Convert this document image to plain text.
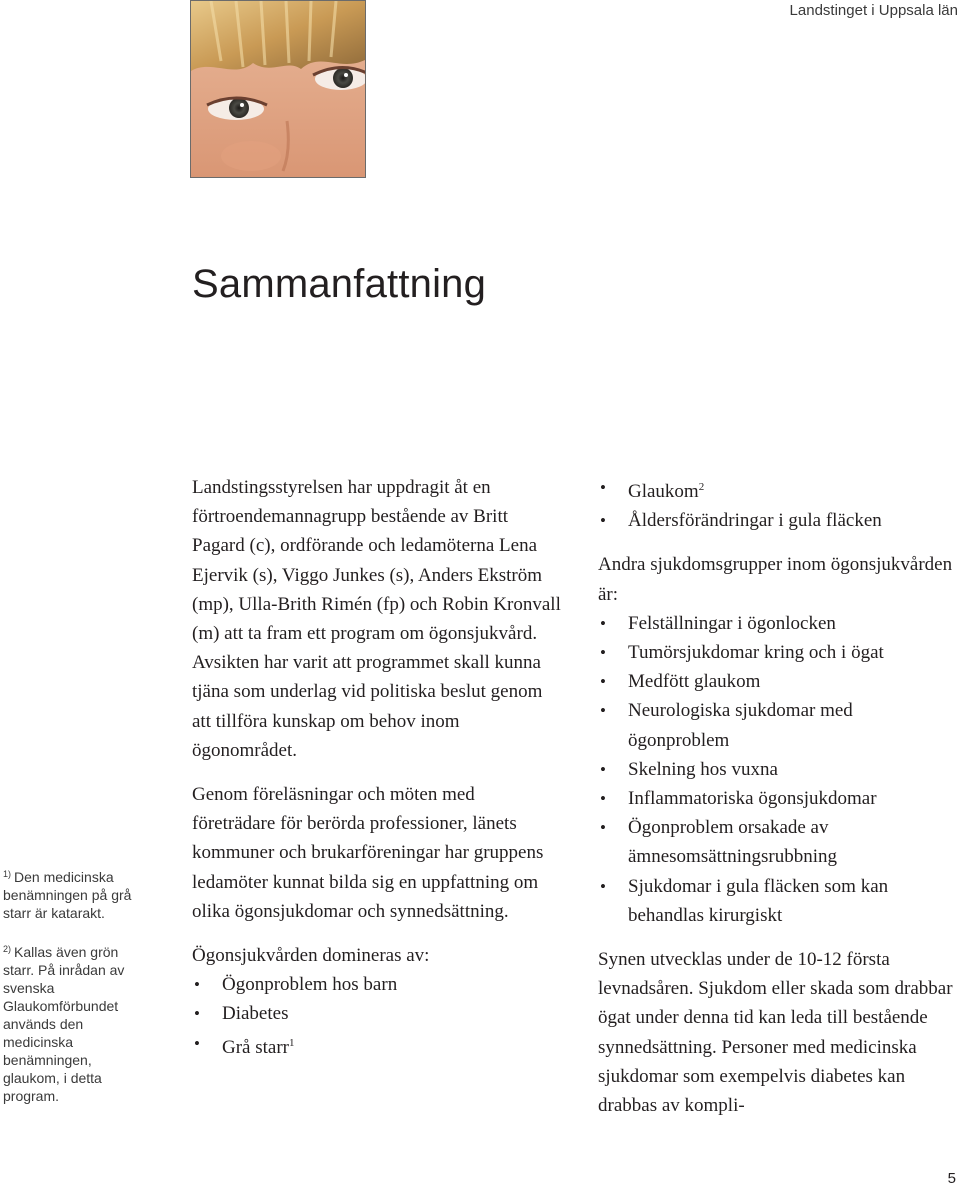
Landstinget i Uppsala län
Sammanfattning

$^{1)}$ Den medicinska benämningen på grå starr är katarakt.

$^{2)}$ Kallas även grön starr. På inrådan av svenska Glaukomförbundet används den medicinska benämningen, glaukom, i detta program.

Landstingsstyrelsen har uppdragit åt en förtroendemannagrupp bestående av Britt Pagard (c), ordförande och ledamöterna Lena Ejervik (s), Viggo Junkes (s), Anders Ekström (mp), Ulla-Brith Rimén (fp) och Robin Kronvall (m) att ta fram ett program om ögonsjukvård. Avsikten har varit att programmet skall kunna tjäna som underlag vid politiska beslut genom att tillföra kunskap om behov inom ögonområdet.

Genom föreläsningar och möten med företrädare för berörda professioner, länets kommuner och brukarföreningar har gruppens ledamöter kunnat bilda sig en uppfattning om olika ögonsjukdomar och synnedsättning.

Ögonsjukvården domineras av:

• Ögonproblem hos barn
• Diabetes
• Grå starr$^1$
• Glaukom$^2$
• Åldersförändringar i gula fläcken

Andra sjukdomsgrupper inom ögonsjukvården är:

• Felställningar i ögonlocken
• Tumörsjukdomar kring och i ögat
• Medfött glaukom
• Neurologiska sjukdomar med ögonproblem
• Skelning hos vuxna
• Inflammatoriska ögonsjukdomar
• Ögonproblem orsakade av ämnesomsättningsrubbning
• Sjukdomar i gula fläcken som kan behandlas kirurgiskt

Synen utvecklas under de 10-12 första levnadsåren. Sjukdom eller skada som drabbar ögat under denna tid kan leda till bestående synnedsättning. Personer med medicinska sjukdomar som exempelvis diabetes kan drabbas av kompli-

5
